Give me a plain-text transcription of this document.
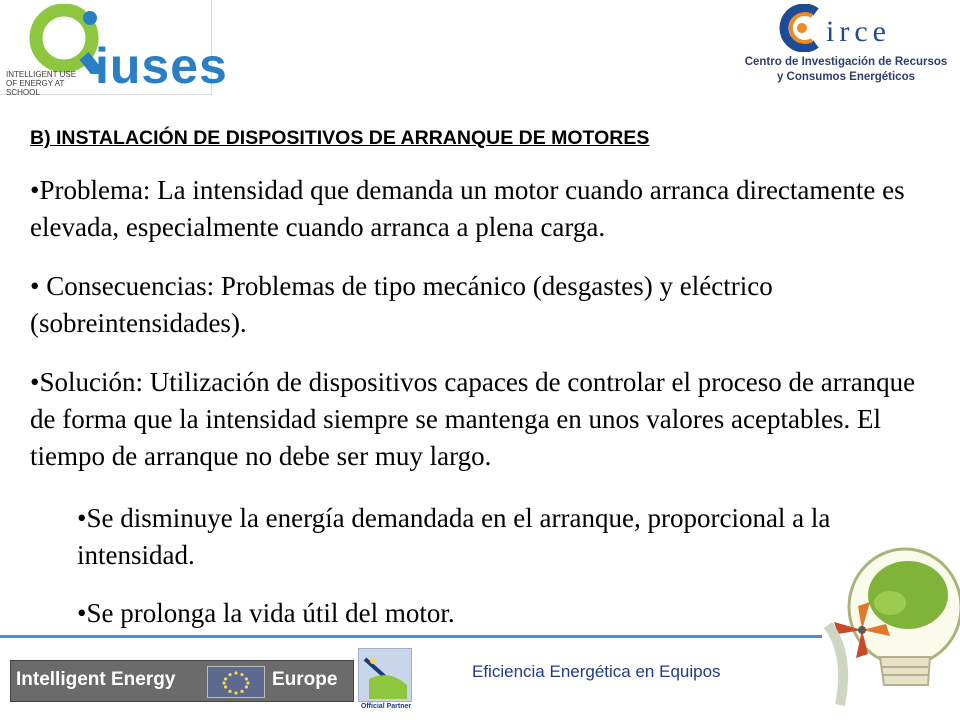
INTELLIGENT USE
OF ENERGY AT SCHOOL	iuses
irce
Centro de Investigación de Recursos
y Consumos Energéticos
B) INSTALACIÓN DE DISPOSITIVOS DE ARRANQUE DE MOTORES

•Problema: La intensidad que demanda un motor cuando arranca directamente es elevada, especialmente cuando arranca a plena carga.

• Consecuencias: Problemas de tipo mecánico (desgastes) y eléctrico (sobreintensidades).

•Solución: Utilización de dispositivos capaces de controlar el proceso de arranque de forma que la intensidad siempre se mantenga en unos valores aceptables. El tiempo de arranque no debe ser muy largo.

•Se disminuye la energía demandada en el arranque, proporcional a la intensidad.

•Se prolonga la vida útil del motor.

Intelligent Energy	Europe
Official Partner
Eficiencia Energética en Equipos
